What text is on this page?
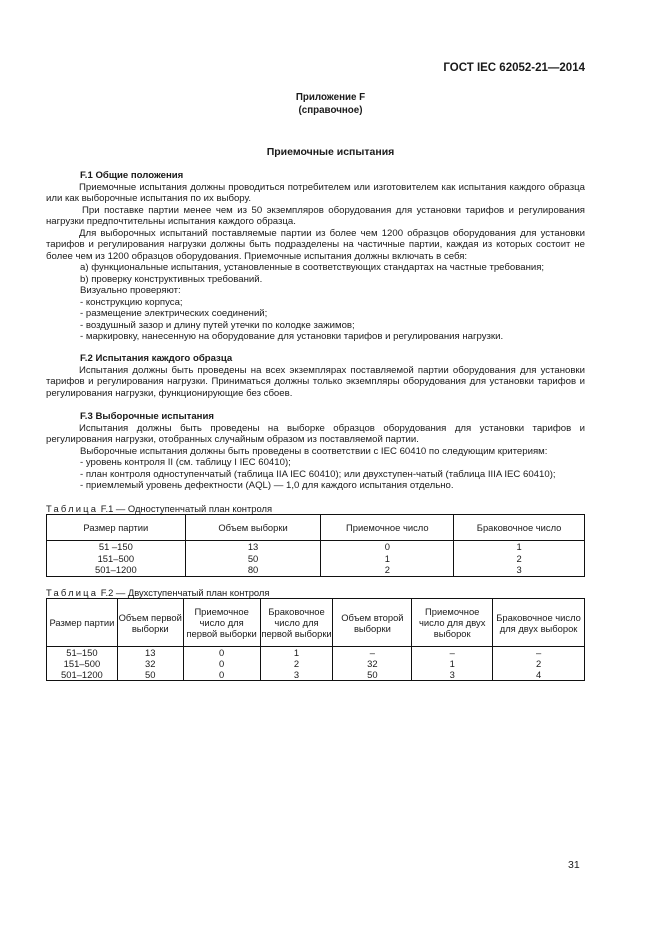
ГОСТ IEC 62052-21—2014
Приложение F
(справочное)
Приемочные испытания

F.1 Общие положения

Приемочные испытания должны проводиться потребителем или изготовителем как испытания каждого образца или как выборочные испытания по их выбору.

При поставке партии менее чем из 50 экземпляров оборудования для установки тарифов и регулирования нагрузки предпочтительны испытания каждого образца.

Для выборочных испытаний поставляемые партии из более чем 1200 образцов оборудования для установки тарифов и регулирования нагрузки должны быть подразделены на частичные партии, каждая из которых состоит не более чем из 1200 образцов оборудования. Приемочные испытания должны включать в себя:

a) функциональные испытания, установленные в соответствующих стандартах на частные требования;

b) проверку конструктивных требований.

Визуально проверяют:

- конструкцию корпуса;

- размещение электрических соединений;

- воздушный зазор и длину путей утечки по колодке зажимов;

- маркировку, нанесенную на оборудование для установки тарифов и регулирования нагрузки.

F.2 Испытания каждого образца

Испытания должны быть проведены на всех экземплярах поставляемой партии оборудования для установки тарифов и регулирования нагрузки. Приниматься должны только экземпляры оборудования для установки тарифов и регулирования нагрузки, функционирующие без сбоев.

F.3 Выборочные испытания

Испытания должны быть проведены на выборке образцов оборудования для установки тарифов и регулирования нагрузки, отобранных случайным образом из поставляемой партии.

Выборочные испытания должны быть проведены в соответствии с IEC 60410 по следующим критериям:

- уровень контроля II (см. таблицу I IEC 60410);

- план контроля одноступенчатый (таблица IIA IEC 60410); или двухступен-чатый (таблица IIIA IEC 60410);

- приемлемый уровень дефектности (AQL) — 1,0 для каждого испытания отдельно.

Таблица F.1 — Одноступенчатый план контроля
Размер партии	Объем выборки	Приемочное число	Браковочное число
51 –150	13	0	1
151–500	50	1	2
501–1200	80	2	3
Таблица F.2 — Двухступенчатый план контроля
Размер партии	Объем первой выборки	Приемочное число для первой выборки	Браковочное число для первой выборки	Объем второй выборки	Приемочное число для двух выборок	Браковочное число для двух выборок
51–150	13	0	1	–	–	–
151–500	32	0	2	32	1	2
501–1200	50	0	3	50	3	4
31
